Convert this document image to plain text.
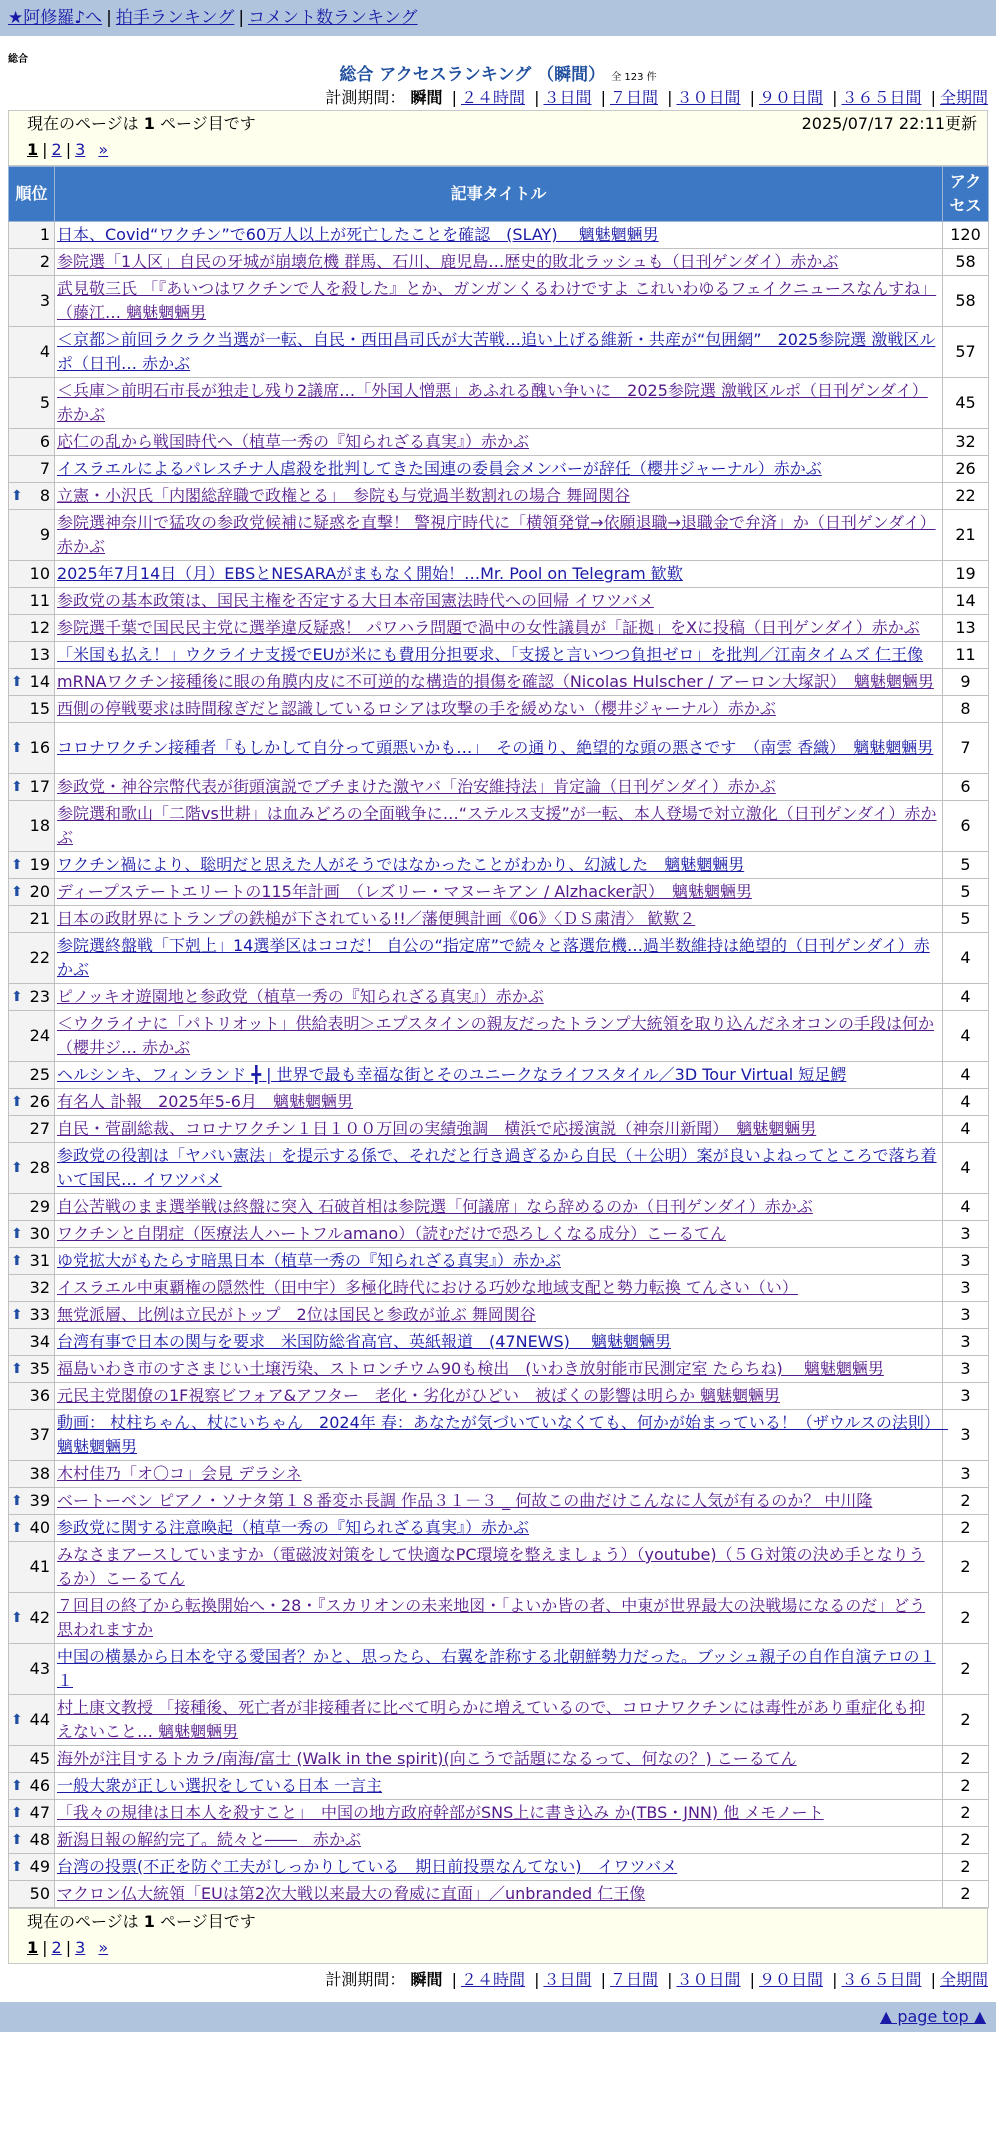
★阿修羅♪へ | 拍手ランキング | コメント数ランキング
総合
総合 アクセスランキング （瞬間） 全 123 件
計測期間： 瞬間 | ２４時間 | ３日間 | ７日間 | ３０日間 | ９０日間 | ３６５日間 | 全期間
現在のページは 1 ページ目です	2025/07/17 22:11更新
1 | 2 | 3 »
順位	記事タイトル	アクセス
1	日本、Covid“ワクチン”で60万人以上が死亡したことを確認　(SLAY)　 魑魅魍魎男	120
2	参院選「1人区」自民の牙城が崩壊危機 群馬、石川、鹿児島…歴史的敗北ラッシュも（日刊ゲンダイ）赤かぶ	58
3	武見敬三氏 「『あいつはワクチンで人を殺した』とか、ガンガンくるわけですよ これいわゆるフェイクニュースなんすね」（藤江… 魑魅魍魎男	58
4	＜京都＞前回ラクラク当選が一転、自民・西田昌司氏が大苦戦…追い上げる維新・共産が“包囲網”　2025参院選 激戦区ルポ（日刊… 赤かぶ	57
5	＜兵庫＞前明石市長が独走し残り2議席…「外国人憎悪」あふれる醜い争いに　2025参院選 激戦区ルポ（日刊ゲンダイ）赤かぶ	45
6	応仁の乱から戦国時代へ（植草一秀の『知られざる真実』）赤かぶ	32
7	イスラエルによるパレスチナ人虐殺を批判してきた国連の委員会メンバーが辞任（櫻井ジャーナル）赤かぶ	26

⬆ 8	立憲・小沢氏「内閣総辞職で政権とる」　参院も与党過半数割れの場合 舞岡関谷	22
9	参院選神奈川で猛攻の参政党候補に疑惑を直撃！ 警視庁時代に「横領発覚→依願退職→退職金で弁済」か（日刊ゲンダイ）赤かぶ	21
10	2025年7月14日（月）EBSとNESARAがまもなく開始！…Mr. Pool on Telegram 歓歎	19
11	参政党の基本政策は、国民主権を否定する大日本帝国憲法時代への回帰 イワツバメ	14
12	参院選千葉で国民民主党に選挙違反疑惑！ パワハラ問題で渦中の女性議員が「証拠」をXに投稿（日刊ゲンダイ）赤かぶ	13
13	「米国も払え！」ウクライナ支援でEUが米にも費用分担要求、「支援と言いつつ負担ゼロ」を批判／江南タイムズ 仁王像	11

⬆ 14	mRNAワクチン接種後に眼の角膜内皮に不可逆的な構造的損傷を確認（Nicolas Hulscher / アーロン大塚訳）　魑魅魍魎男	9
15	西側の停戦要求は時間稼ぎだと認識しているロシアは攻撃の手を緩めない（櫻井ジャーナル）赤かぶ	8

⬆ 16	コロナワクチン接種者「もしかして自分って頭悪いかも…」　その通り、絶望的な頭の悪さです　（南雲 香織）　魑魅魍魎男	7

⬆ 17	参政党・神谷宗幣代表が街頭演説でブチまけた激ヤバ「治安維持法」肯定論（日刊ゲンダイ）赤かぶ	6
18	参院選和歌山「二階vs世耕」は血みどろの全面戦争に…“ステルス支援”が一転、本人登場で対立激化（日刊ゲンダイ）赤かぶ	6

⬆ 19	ワクチン禍により、聡明だと思えた人がそうではなかったことがわかり、幻滅した　魑魅魍魎男	5

⬆ 20	ディープステートエリートの115年計画　（レズリー・マヌーキアン / Alzhacker訳）　魑魅魍魎男	5
21	日本の政財界にトランプの鉄槌が下されている!!／藩便興計画《06》〈ＤＳ粛清〉 歓歎２	5
22	参院選終盤戦「下剋上」14選挙区はココだ！ 自公の“指定席”で続々と落選危機…過半数維持は絶望的（日刊ゲンダイ）赤かぶ	4

⬆ 23	ピノッキオ遊園地と参政党（植草一秀の『知られざる真実』）赤かぶ	4
24	＜ウクライナに「パトリオット」供給表明＞エプスタインの親友だったトランプ大統領を取り込んだネオコンの手段は何か（櫻井ジ… 赤かぶ	4
25	ヘルシンキ、フィンランド ╋ | 世界で最も幸福な街とそのユニークなライフスタイル／3D Tour Virtual 短足鰐	4

⬆ 26	有名人 訃報　2025年5-6月　魑魅魍魎男	4
27	自民・菅副総裁、コロナワクチン１日１００万回の実績強調　横浜で応援演説（神奈川新聞）　魑魅魍魎男	4

⬆ 28	参政党の役割は「ヤバい憲法」を提示する係で、それだと行き過ぎるから自民（＋公明）案が良いよねってところで落ち着いて国民… イワツバメ	4
29	自公苦戦のまま選挙戦は終盤に突入 石破首相は参院選「何議席」なら辞めるのか（日刊ゲンダイ）赤かぶ	4

⬆ 30	ワクチンと自閉症（医療法人ハートフルamano）（読むだけで恐ろしくなる成分）こーるてん	3

⬆ 31	ゆ党拡大がもたらす暗黒日本（植草一秀の『知られざる真実』）赤かぶ	3
32	イスラエル中東覇権の隠然性（田中宇）多極化時代における巧妙な地域支配と勢力転換 てんさい（い）	3

⬆ 33	無党派層、比例は立民がトップ　2位は国民と参政が並ぶ 舞岡関谷	3
34	台湾有事で日本の関与を要求　米国防総省高官、英紙報道　(47NEWS)　 魑魅魍魎男	3

⬆ 35	福島いわき市のすさまじい土壌汚染、ストロンチウム90も検出　(いわき放射能市民測定室 たらちね)　 魑魅魍魎男	3
36	元民主党閣僚の1F視察ビフォア&アフター　老化・劣化がひどい　被ばくの影響は明らか 魑魅魍魎男	3
37	動画： 杖柱ちゃん、杖にいちゃん　2024年 春：あなたが気づいていなくても、何かが始まっている！（ザウルスの法則）　魑魅魍魎男	3
38	木村佳乃「オ〇コ」会見 デラシネ	3

⬆ 39	ベートーベン ピアノ・ソナタ第１８番変ホ長調 作品３１－３ _ 何故この曲だけこんなに人気が有るのか？ 中川隆	2

⬆ 40	参政党に関する注意喚起（植草一秀の『知られざる真実』）赤かぶ	2
41	みなさまアースしていますか（電磁波対策をして快適なPC環境を整えましょう）（youtube)（５Ｇ対策の決め手となりうるか）こーるてん	2

⬆ 42	７回目の終了から転換開始へ・28・『スカリオンの未来地図・「よいか皆の者、中東が世界最大の決戦場になるのだ」どう思われますか	2
43	中国の横暴から日本を守る愛国者？かと、思ったら、右翼を詐称する北朝鮮勢力だった。ブッシュ親子の自作自演テロの１１	2

⬆ 44	村上康文教授 「接種後、死亡者が非接種者に比べて明らかに増えているので、コロナワクチンには毒性があり重症化も抑えないこと… 魑魅魍魎男	2
45	海外が注目するトカラ/南海/富士 (Walk in the spirit)(向こうで話題になるって、何なの？) こーるてん	2

⬆ 46	一般大衆が正しい選択をしている日本 一言主	2

⬆ 47	「我々の規律は日本人を殺すこと」　中国の地方政府幹部がSNS上に書き込み か(TBS・JNN) 他 メモノート	2

⬆ 48	新潟日報の解約完了。続々と――　赤かぶ	2

⬆ 49	台湾の投票(不正を防ぐ工夫がしっかりしている　期日前投票なんてない)　イワツバメ	2
50	マクロン仏大統領「EUは第2次大戦以来最大の脅威に直面」／unbranded 仁王像	2
現在のページは 1 ページ目です
1 | 2 | 3 »
計測期間： 瞬間 | ２４時間 | ３日間 | ７日間 | ３０日間 | ９０日間 | ３６５日間 | 全期間
▲ page top ▲
